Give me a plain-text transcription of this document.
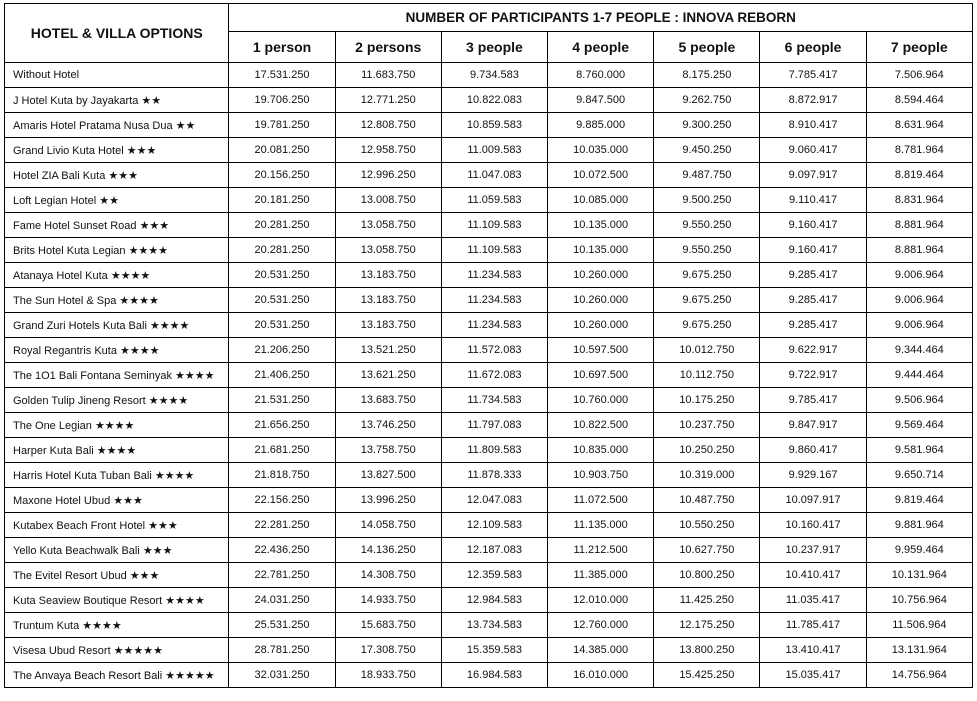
HOTEL & VILLA OPTIONS	NUMBER OF PARTICIPANTS 1-7 PEOPLE : INNOVA REBORN						
	1 person	2 persons	3 people	4 people	5 people	6 people	7 people
Without Hotel	17.531.250	11.683.750	9.734.583	8.760.000	8.175.250	7.785.417	7.506.964
J Hotel Kuta by Jayakarta ★★	19.706.250	12.771.250	10.822.083	9.847.500	9.262.750	8.872.917	8.594.464
Amaris Hotel Pratama Nusa Dua ★★	19.781.250	12.808.750	10.859.583	9.885.000	9.300.250	8.910.417	8.631.964
Grand Livio Kuta Hotel ★★★	20.081.250	12.958.750	11.009.583	10.035.000	9.450.250	9.060.417	8.781.964
Hotel ZIA Bali Kuta ★★★	20.156.250	12.996.250	11.047.083	10.072.500	9.487.750	9.097.917	8.819.464
Loft Legian Hotel ★★	20.181.250	13.008.750	11.059.583	10.085.000	9.500.250	9.110.417	8.831.964
Fame Hotel Sunset Road ★★★	20.281.250	13.058.750	11.109.583	10.135.000	9.550.250	9.160.417	8.881.964
Brits Hotel Kuta Legian ★★★★	20.281.250	13.058.750	11.109.583	10.135.000	9.550.250	9.160.417	8.881.964
Atanaya Hotel Kuta ★★★★	20.531.250	13.183.750	11.234.583	10.260.000	9.675.250	9.285.417	9.006.964
The Sun Hotel & Spa ★★★★	20.531.250	13.183.750	11.234.583	10.260.000	9.675.250	9.285.417	9.006.964
Grand Zuri Hotels Kuta Bali ★★★★	20.531.250	13.183.750	11.234.583	10.260.000	9.675.250	9.285.417	9.006.964
Royal Regantris Kuta ★★★★	21.206.250	13.521.250	11.572.083	10.597.500	10.012.750	9.622.917	9.344.464
The 1O1 Bali Fontana Seminyak ★★★★	21.406.250	13.621.250	11.672.083	10.697.500	10.112.750	9.722.917	9.444.464
Golden Tulip Jineng Resort ★★★★	21.531.250	13.683.750	11.734.583	10.760.000	10.175.250	9.785.417	9.506.964
The One Legian ★★★★	21.656.250	13.746.250	11.797.083	10.822.500	10.237.750	9.847.917	9.569.464
Harper Kuta Bali ★★★★	21.681.250	13.758.750	11.809.583	10.835.000	10.250.250	9.860.417	9.581.964
Harris Hotel Kuta Tuban Bali ★★★★	21.818.750	13.827.500	11.878.333	10.903.750	10.319.000	9.929.167	9.650.714
Maxone Hotel Ubud ★★★	22.156.250	13.996.250	12.047.083	11.072.500	10.487.750	10.097.917	9.819.464
Kutabex Beach Front Hotel ★★★	22.281.250	14.058.750	12.109.583	11.135.000	10.550.250	10.160.417	9.881.964
Yello Kuta Beachwalk Bali ★★★	22.436.250	14.136.250	12.187.083	11.212.500	10.627.750	10.237.917	9.959.464
The Evitel Resort Ubud ★★★	22.781.250	14.308.750	12.359.583	11.385.000	10.800.250	10.410.417	10.131.964
Kuta Seaview Boutique Resort ★★★★	24.031.250	14.933.750	12.984.583	12.010.000	11.425.250	11.035.417	10.756.964
Truntum Kuta ★★★★	25.531.250	15.683.750	13.734.583	12.760.000	12.175.250	11.785.417	11.506.964
Visesa Ubud Resort ★★★★★	28.781.250	17.308.750	15.359.583	14.385.000	13.800.250	13.410.417	13.131.964
The Anvaya Beach Resort Bali ★★★★★	32.031.250	18.933.750	16.984.583	16.010.000	15.425.250	15.035.417	14.756.964
